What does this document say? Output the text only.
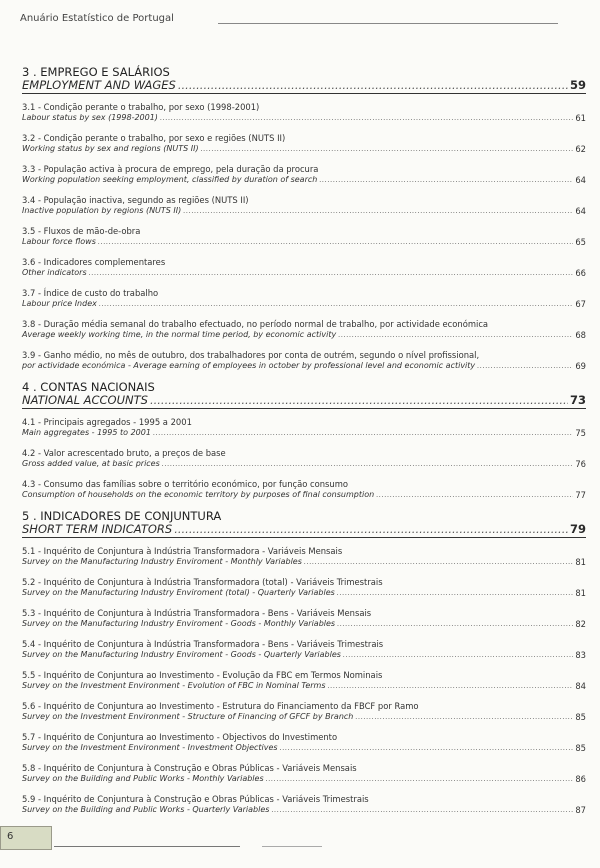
Anuário Estatístico de Portugal
3 . EMPREGO E SALÁRIOS
EMPLOYMENT AND WAGES .....	59
3.1 - Condição perante o trabalho, por sexo (1998-2001)
Labour status by sex (1998-2001) .....	61
3.2 - Condição perante o trabalho, por sexo e regiões (NUTS II)
Working status by sex and regions (NUTS II) .....	62
3.3 - População activa à procura de emprego, pela duração da procura
Working population seeking employment, classified by duration of search .....	64
3.4 - População inactiva, segundo as regiões (NUTS II)
Inactive population by regions (NUTS II) .....	64
3.5 - Fluxos de mão-de-obra
Labour force flows .....	65
3.6 - Indicadores complementares
Other indicators .....	66
3.7 - Índice de custo do trabalho
Labour price Index .....	67
3.8 - Duração média semanal do trabalho efectuado, no período normal de trabalho, por actividade económica
Average weekly working time, in the normal time period, by economic activity .....	68
3.9 - Ganho médio, no mês de outubro, dos trabalhadores por conta de outrém, segundo o nível profissional,
por actividade económica - Average earning of employees in october by professional level and economic activity .....	69
4 . CONTAS NACIONAIS
NATIONAL ACCOUNTS .....	73
4.1 - Principais agregados - 1995 a 2001
Main aggregates - 1995 to 2001 .....	75
4.2 - Valor acrescentado bruto, a preços de base
Gross added value, at basic prices .....	76
4.3 - Consumo das famílias sobre o território económico, por função consumo
Consumption of households on the economic territory by purposes of final consumption .....	77
5 . INDICADORES DE CONJUNTURA
SHORT TERM INDICATORS .....	79
5.1 - Inquérito de Conjuntura à Indústria Transformadora - Variáveis Mensais
Survey on the Manufacturing Industry Enviroment - Monthly Variables .....	81
5.2 - Inquérito de Conjuntura à Indústria Transformadora (total) - Variáveis Trimestrais
Survey on the Manufacturing Industry Enviroment (total) - Quarterly Variables .....	81
5.3 - Inquérito de Conjuntura à Indústria Transformadora - Bens - Variáveis Mensais
Survey on the Manufacturing Industry Enviroment - Goods - Monthly Variables .....	82
5.4 - Inquérito de Conjuntura à Indústria Transformadora - Bens - Variáveis Trimestrais
Survey on the Manufacturing Industry Enviroment - Goods - Quarterly Variables .....	83
5.5 - Inquérito de Conjuntura ao Investimento - Evolução da FBC em Termos Nominais
Survey on the Investment Environment - Evolution of FBC in Nominal Terms .....	84
5.6 - Inquérito de Conjuntura ao Investimento - Estrutura do Financiamento da FBCF por Ramo
Survey on the Investment Environment - Structure of Financing of GFCF by Branch .....	85
5.7 - Inquérito de Conjuntura ao Investimento - Objectivos do Investimento
Survey on the Investment Environment - Investment Objectives .....	85
5.8 - Inquérito de Conjuntura à Construção e Obras Públicas - Variáveis Mensais
Survey on the Building and Public Works - Monthly Variables .....	86
5.9 - Inquérito de Conjuntura à Construção e Obras Públicas - Variáveis Trimestrais
Survey on the Building and Public Works - Quarterly Variables .....	87
6
